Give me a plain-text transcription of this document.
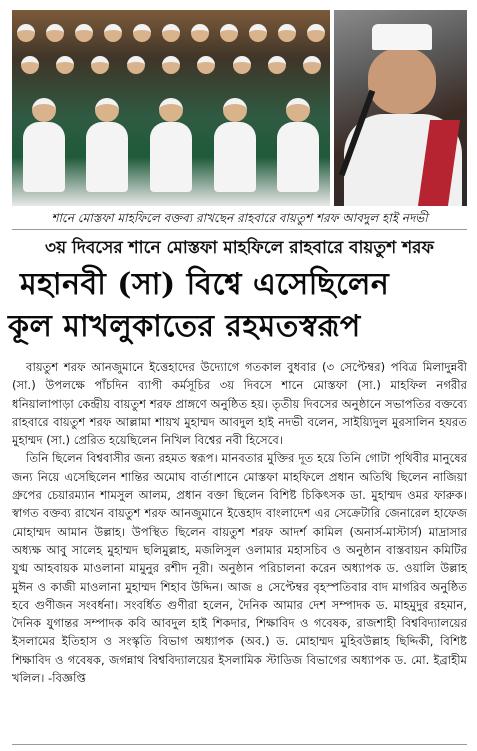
শানে মোস্তফা মাহফিলে বক্তব্য রাখছেন রাহবারে বায়তুশ শরফ আবদুল হাই নদভী
৩য় দিবসের শানে মোস্তফা মাহফিলে রাহবারে বায়তুশ শরফ
মহানবী (সা) বিশ্বে এসেছিলেন
কূল মাখলুকাতের রহমতস্বরূপ

বায়তুশ শরফ আনজুমানে ইত্তেহাদের উদ্যোগে গতকাল বুধবার (৩ সেপ্টেম্বর) পবিত্র মিলাদুন্নবী (সা.) উপলক্ষে পাঁচদিন ব্যাপী কর্মসূচির ৩য় দিবসে শানে মোস্তফা (সা.) মাহফিল নগরীর ধনিয়ালাপাড়া কেন্দ্রীয় বায়তুশ শরফ প্রাঙ্গণে অনুষ্ঠিত হয়। তৃতীয় দিবসের অনুষ্ঠানে সভাপতির বক্তব্যে রাহবারে বায়তুশ শরফ আল্লামা শায়খ মুহাম্মদ আবদুল হাই নদভী বলেন, সাইয়্যিদুল মুরসালিন হযরত মুহাম্মদ (সা.) প্রেরিত হয়েছিলেন নিখিল বিশ্বের নবী হিসেবে।

তিনি ছিলেন বিশ্ববাসীর জন্য রহমত স্বরূপ। মানবতার মুক্তির দূত হয়ে তিনি গোটা পৃথিবীর মানুষের জন্য নিয়ে এসেছিলেন শান্তির অমোঘ বার্তা।শানে মোস্তফা মাহফিলে প্রধান অতিথি ছিলেন নাজিয়া গ্রুপের চেয়ারম্যান শামসুল আলম, প্রধান বক্তা ছিলেন বিশিষ্ট চিকিৎসক ডা. মুহাম্মদ ওমর ফারুক। স্বাগত বক্তব্য রাখেন বায়তুশ শরফ আনজুমানে ইত্তেহাদ বাংলাদেশ এর সেক্রেটারি জেনারেল হাফেজ মোহাম্মদ আমান উল্লাহ। উপস্থিত ছিলেন বায়তুশ শরফ আদর্শ কামিল (অনার্স-মাস্টার্স) মাদ্রাসার অধ্যক্ষ আবু সালেহ মুহাম্মদ ছলিমুল্লাহ, মজলিসুল ওলামার মহাসচিব ও অনুষ্ঠান বাস্তবায়ন কমিটির যুগ্ম আহবায়ক মাওলানা মামুনুর রশীদ নূরী। অনুষ্ঠান পরিচালনা করেন অধ্যাপক ড. ওয়ালি উল্লাহ মুঈন ও কাজী মাওলানা মুহাম্মদ শিহাব উদ্দিন। আজ ৪ সেপ্টেম্বর বৃহস্পতিবার বাদ মাগরিব অনুষ্ঠিত হবে গুণীজন সংবর্ধনা। সংবর্ধিত গুণীরা হলেন, দৈনিক আমার দেশ সম্পাদক ড. মাহমুদুর রহমান, দৈনিক যুগান্তর সম্পাদক কবি আবদুল হাই শিকদার, শিক্ষাবিদ ও গবেষক, রাজশাহী বিশ্ববিদ্যালয়ের ইসলামের ইতিহাস ও সংস্কৃতি বিভাগ অধ্যাপক (অব.) ড. মোহাম্মদ মুহিবউল্লাহ ছিদ্দিকী, বিশিষ্ট শিক্ষাবিদ ও গবেষক, জগন্নাথ বিশ্ববিদ্যালয়ের ইসলামিক স্টাডিজ বিভাগের অধ্যাপক ড. মো. ইব্রাহীম খলিল। -বিজ্ঞপ্তি
